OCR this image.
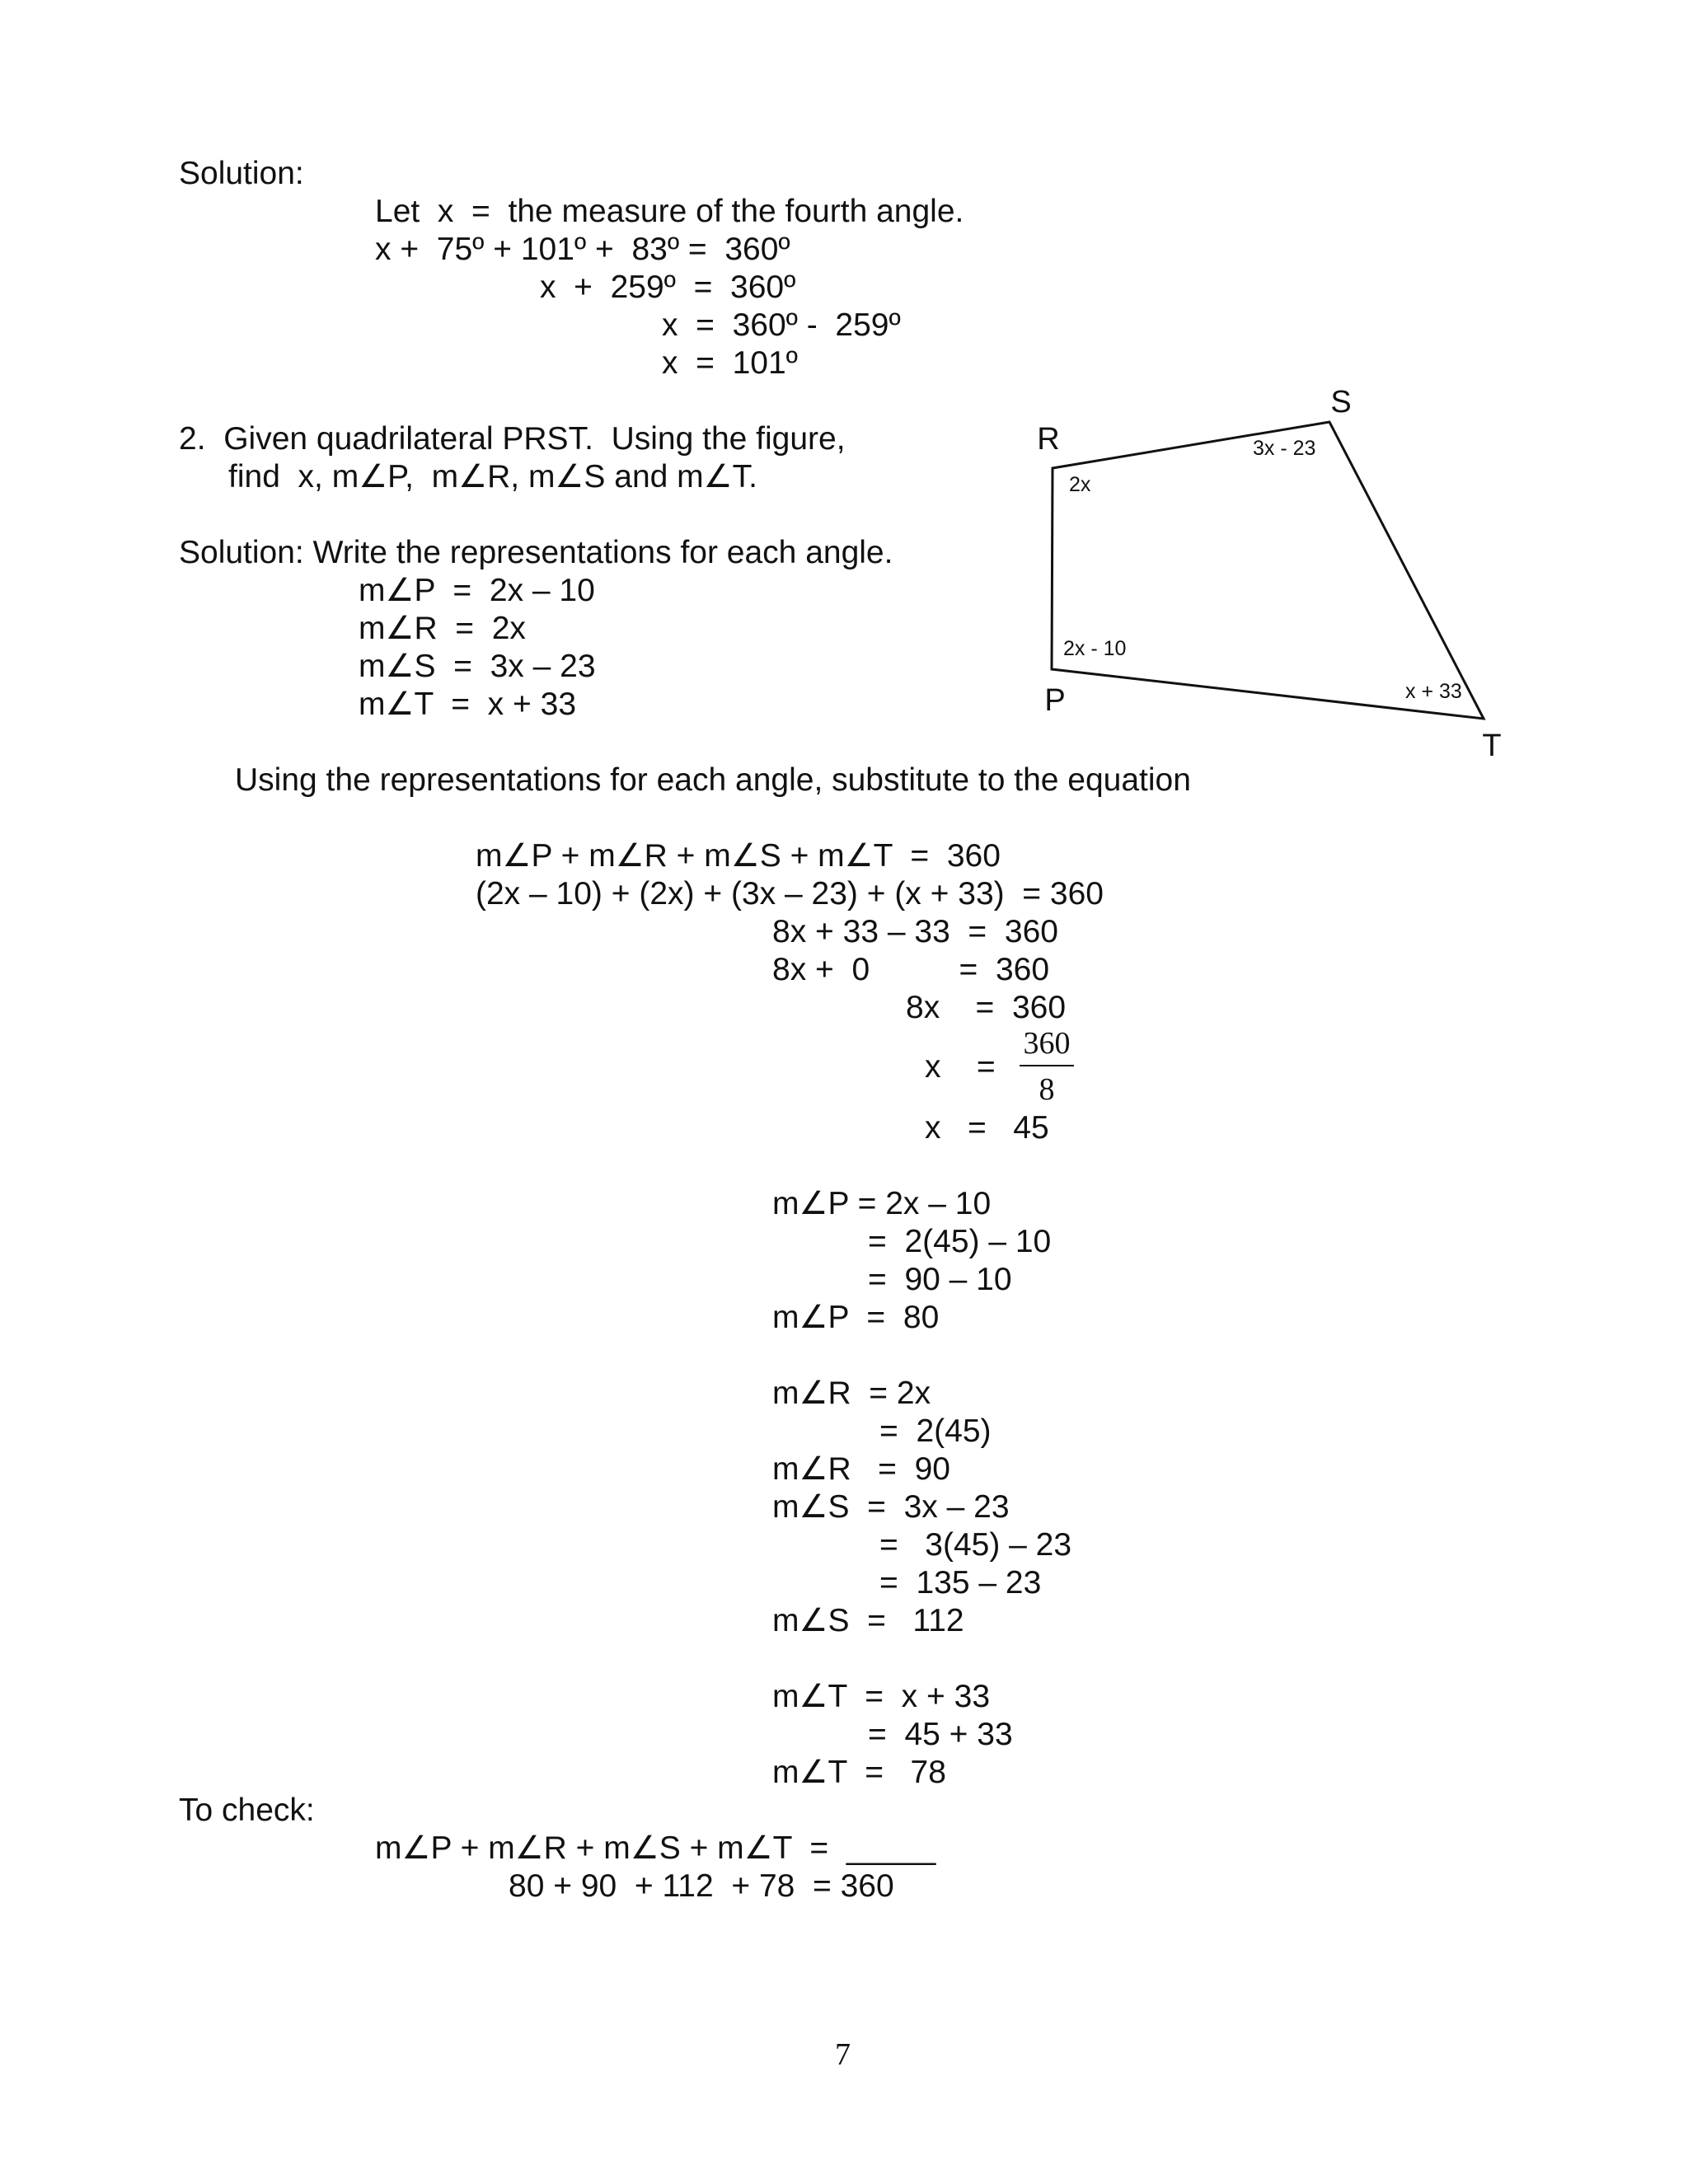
Solution:

Let  x  =  the measure of the fourth angle.

x +  75º + 101º +  83º =  360º

x  +  259º  =  360º

x  =  360º -  259º

x  =  101º

2.  Given quadrilateral PRST.  Using the figure,

find  x, m∠P,  m∠R, m∠S and m∠T.

Solution: Write the representations for each angle.

m∠P  =  2x – 10

m∠R  =  2x

m∠S  =  3x – 23

m∠T  =  x + 33

R
S
P
T
2x
3x - 23
2x - 10
x + 33

Using the representations for each angle, substitute to the equation

m∠P + m∠R + m∠S + m∠T  =  360

(2x – 10) + (2x) + (3x – 23) + (x + 33)  = 360

8x + 33 – 33  =  360

8x +  0          =  360

8x    =  360

x    =

360
8

x   =   45

m∠P = 2x – 10

=  2(45) – 10

=  90 – 10

m∠P  =  80

m∠R  = 2x

=  2(45)

m∠R   =  90

m∠S  =  3x – 23

=   3(45) – 23

=  135 – 23

m∠S  =   112

m∠T  =  x + 33

=  45 + 33

m∠T  =   78

To check:

m∠P + m∠R + m∠S + m∠T  =  _____

80 + 90  + 112  + 78  = 360

7
